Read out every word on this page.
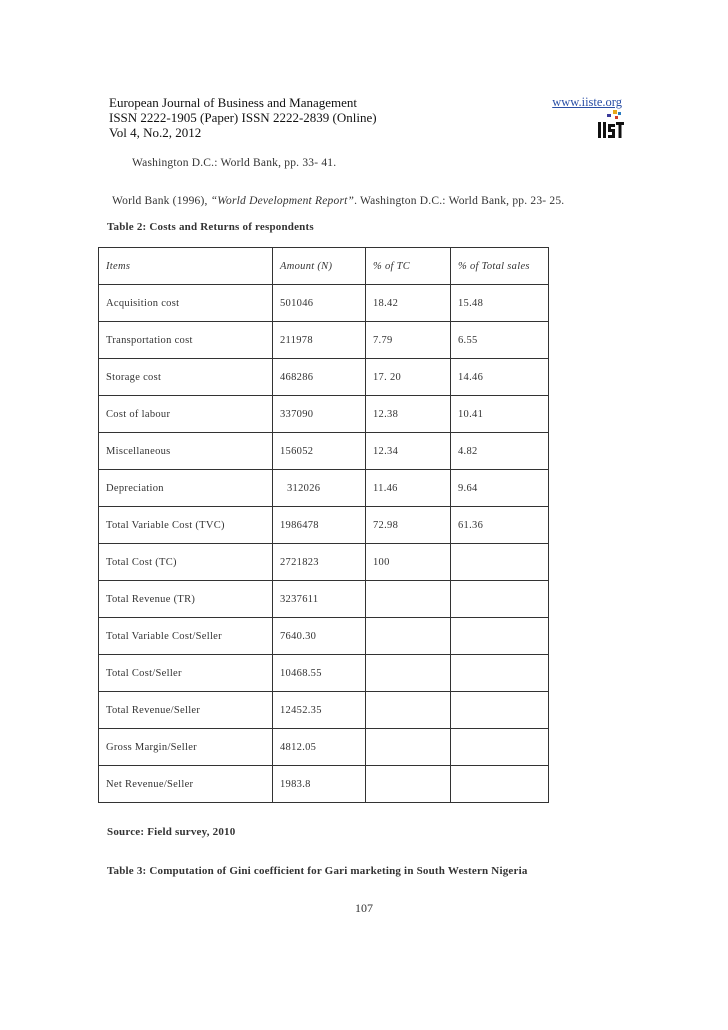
European Journal of Business and Management
ISSN 2222-1905 (Paper) ISSN 2222-2839 (Online)
Vol 4, No.2, 2012
www.iiste.org
Washington D.C.: World Bank, pp. 33- 41.
World Bank (1996), “World Development Report”. Washington D.C.: World Bank, pp. 23- 25.
Table 2: Costs and Returns of respondents
Items	Amount (N)	% of TC	% of Total sales
Acquisition cost	501046	18.42	15.48
Transportation cost	211978	7.79	6.55
Storage cost	468286	17. 20	14.46
Cost of labour	337090	12.38	10.41
Miscellaneous	156052	12.34	4.82
Depreciation	312026	11.46	9.64
Total Variable Cost (TVC)	1986478	72.98	61.36
Total Cost (TC)	2721823	100	
Total Revenue (TR)	3237611		
Total Variable Cost/Seller	7640.30		
Total Cost/Seller	10468.55		
Total Revenue/Seller	12452.35		
Gross Margin/Seller	4812.05		
Net Revenue/Seller	1983.8		
Source: Field survey, 2010
Table 3: Computation of Gini coefficient for Gari marketing in South Western Nigeria
107
